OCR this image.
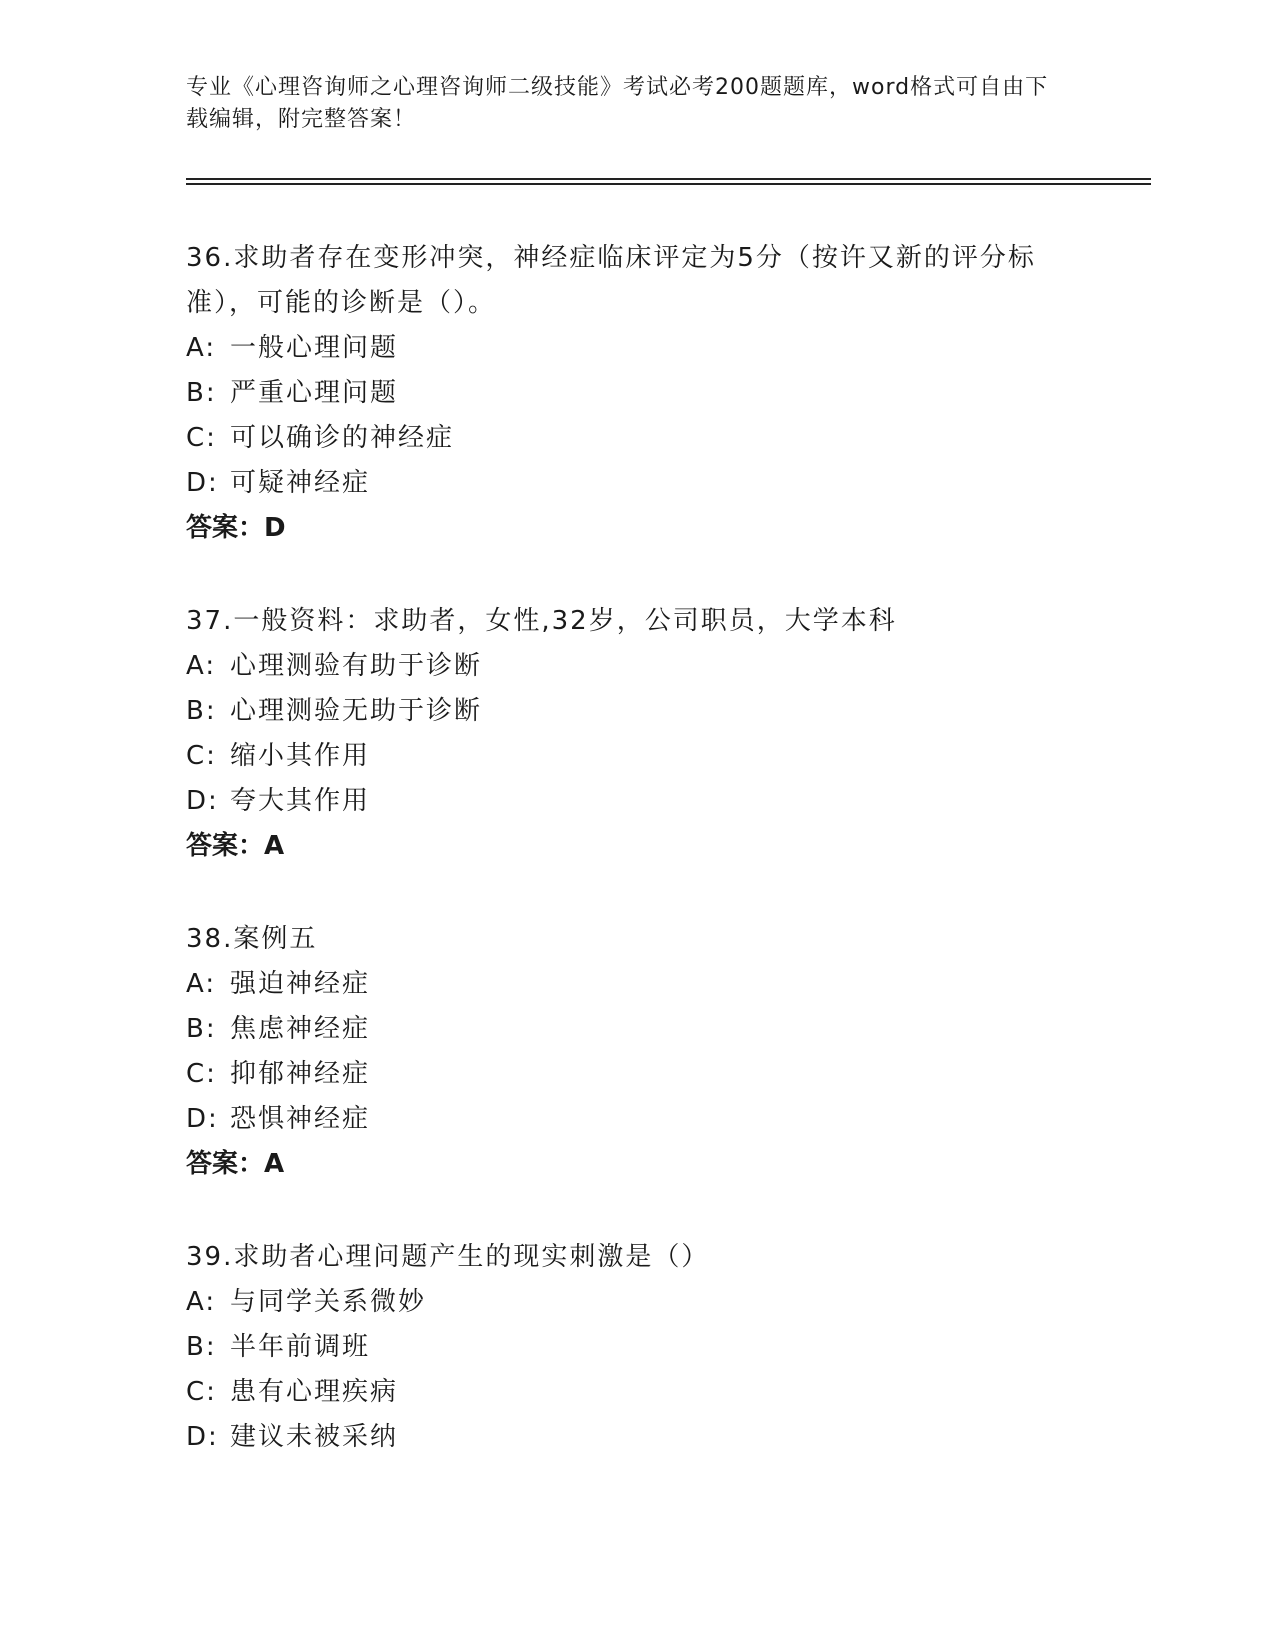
专业《心理咨询师之心理咨询师二级技能》考试必考200题题库，word格式可自由下载编辑，附完整答案！
36.求助者存在变形冲突，神经症临床评定为5分（按许又新的评分标准），可能的诊断是（）。
A: 一般心理问题
B: 严重心理问题
C: 可以确诊的神经症
D: 可疑神经症
答案：D
37.一般资料：求助者，女性,32岁，公司职员，大学本科
A: 心理测验有助于诊断
B: 心理测验无助于诊断
C: 缩小其作用
D: 夸大其作用
答案：A
38.案例五
A: 强迫神经症
B: 焦虑神经症
C: 抑郁神经症
D: 恐惧神经症
答案：A
39.求助者心理问题产生的现实刺激是（）
A: 与同学关系微妙
B: 半年前调班
C: 患有心理疾病
D: 建议未被采纳
